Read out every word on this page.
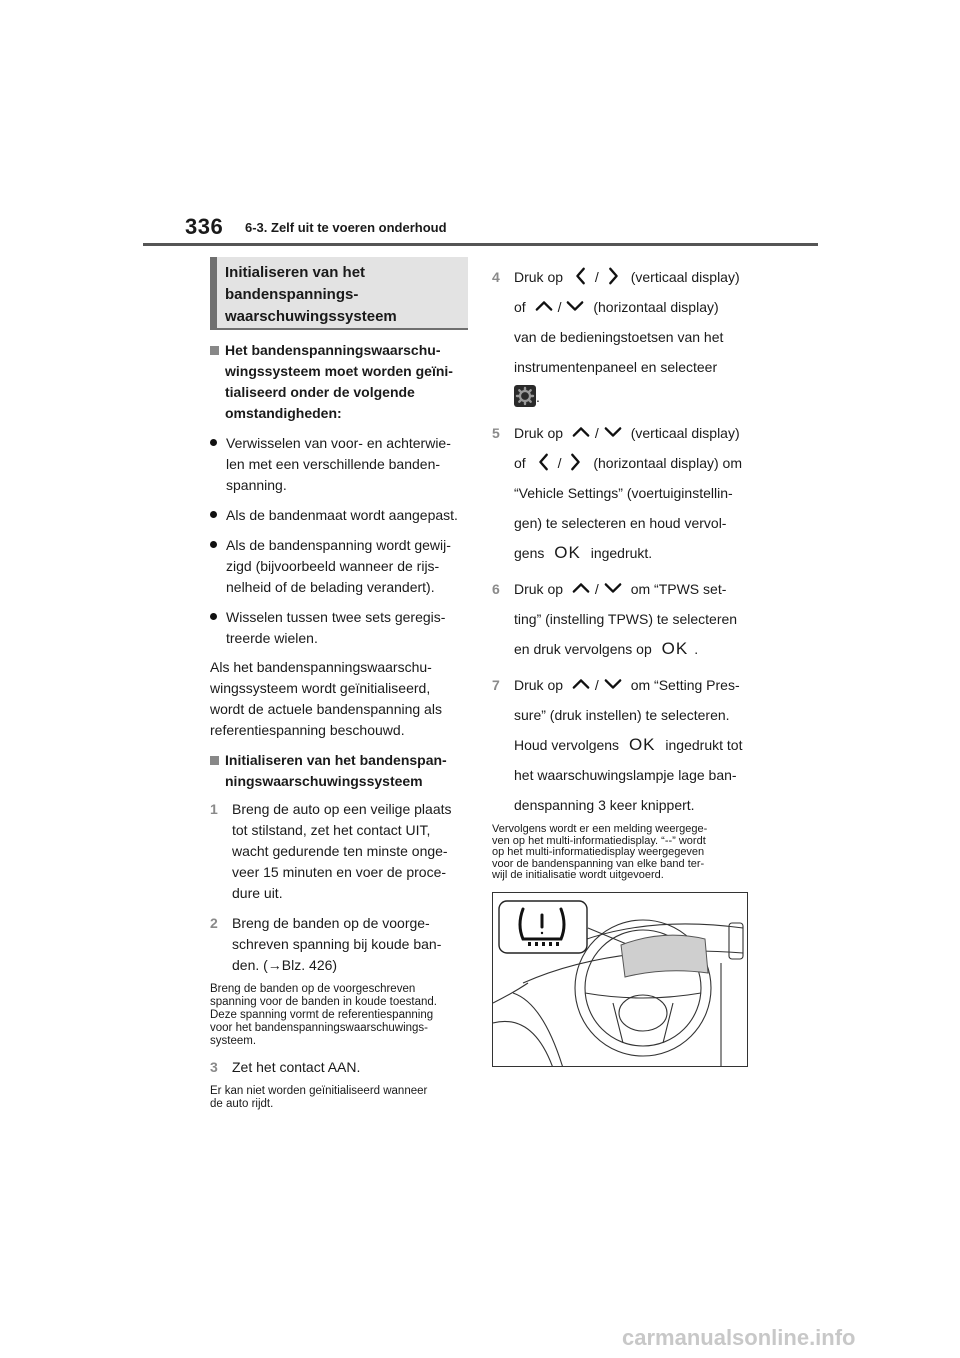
336 6-3. Zelf uit te voeren onderhoud
Initialiseren van het
bandenspannings-
waarschuwingssysteem
Het bandenspanningswaarschu-
wingssysteem moet worden geïni-
tialiseerd onder de volgende
omstandigheden:
Verwisselen van voor- en achterwie-
len met een verschillende banden-
spanning.
Als de bandenmaat wordt aangepast.
Als de bandenspanning wordt gewij-
zigd (bijvoorbeeld wanneer de rijs-
nelheid of de belading verandert).
Wisselen tussen twee sets geregis-
treerde wielen.
Als het bandenspanningswaarschu-
wingssysteem wordt geïnitialiseerd,
wordt de actuele bandenspanning als
referentiespanning beschouwd.
Initialiseren van het bandenspan-
ningswaarschuwingssysteem
1	Breng de auto op een veilige plaats
tot stilstand, zet het contact UIT,
wacht gedurende ten minste onge-
veer 15 minuten en voer de proce-
dure uit.
2	Breng de banden op de voorge-
schreven spanning bij koude ban-
den. (→Blz. 426)
Breng de banden op de voorgeschreven
spanning voor de banden in koude toestand.
Deze spanning vormt de referentiespanning
voor het bandenspanningswaarschuwings-
systeem.
3	Zet het contact AAN.
Er kan niet worden geïnitialiseerd wanneer
de auto rijdt.
4	Druk op / (verticaal display)
of / (horizontaal display)
van de bedieningstoetsen van het
instrumentenpaneel en selecteer
.
5	Druk op / (verticaal display)
of / (horizontaal display) om
“Vehicle Settings” (voertuiginstellin-
gen) te selecteren en houd vervol-
gens OK ingedrukt.
6	Druk op / om “TPWS set-
ting” (instelling TPWS) te selecteren
en druk vervolgens op OK .
7	Druk op / om “Setting Pres-
sure” (druk instellen) te selecteren.
Houd vervolgens OK ingedrukt tot
het waarschuwingslampje lage ban-
denspanning 3 keer knippert.
Vervolgens wordt er een melding weergege-
ven op het multi-informatiedisplay. “--” wordt
op het multi-informatiedisplay weergegeven
voor de bandenspanning van elke band ter-
wijl de initialisatie wordt uitgevoerd.
carmanualsonline.info
